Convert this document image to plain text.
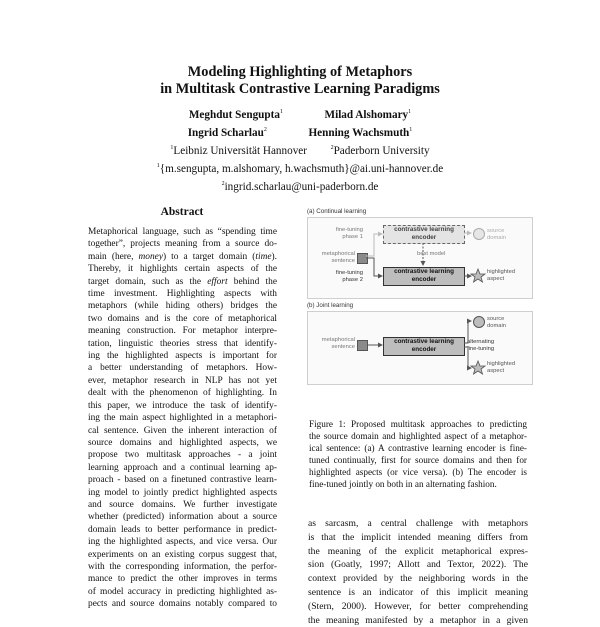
Modeling Highlighting of Metaphors
in Multitask Contrastive Learning Paradigms
Meghdut Sengupta$^1$	Milad Alshomary$^1$
Ingrid Scharlau$^2$	Henning Wachsmuth$^1$
$^1$Leibniz Universität Hannover	$^2$Paderborn University
$^1${m.sengupta, m.alshomary, h.wachsmuth}@ai.uni-hannover.de
$^2$ingrid.scharlau@uni-paderborn.de
Abstract
Metaphorical language, such as “spending time
together”, projects meaning from a source do-
main (here, money) to a target domain (time).
Thereby, it highlights certain aspects of the
target domain, such as the effort behind the
time investment. Highlighting aspects with
metaphors (while hiding others) bridges the
two domains and is the core of metaphorical
meaning construction. For metaphor interpre-
tation, linguistic theories stress that identify-
ing the highlighted aspects is important for
a better understanding of metaphors. How-
ever, metaphor research in NLP has not yet
dealt with the phenomenon of highlighting. In
this paper, we introduce the task of identify-
ing the main aspect highlighted in a metaphori-
cal sentence. Given the inherent interaction of
source domains and highlighted aspects, we
propose two multitask approaches - a joint
learning approach and a continual learning ap-
proach - based on a finetuned contrastive learn-
ing model to jointly predict highlighted aspects
and source domains. We further investigate
whether (predicted) information about a source
domain leads to better performance in predict-
ing the highlighted aspects, and vice versa. Our
experiments on an existing corpus suggest that,
with the corresponding information, the perfor-
mance to predict the other improves in terms
of model accuracy in predicting highlighted as-
pects and source domains notably compared to
(a) Continual learning
fine-tuning
phase 1
contrastive learning
encoder
source
domain
best model
metaphorical
sentence
fine-tuning
phase 2
contrastive learning
encoder
highlighted
aspect
(b) Joint learning
metaphorical
sentence
contrastive learning
encoder
source
domain
alternating
fine-tuning
highlighted
aspect
Figure 1: Proposed multitask approaches to predicting
the source domain and highlighted aspect of a metaphor-
ical sentence: (a) A contrastive learning encoder is fine-
tuned continually, first for source domains and then for
highlighted aspects (or vice versa). (b) The encoder is
fine-tuned jointly on both in an alternating fashion.
as sarcasm, a central challenge with metaphors
is that the implicit intended meaning differs from
the meaning of the explicit metaphorical expres-
sion (Goatly, 1997; Allott and Textor, 2022). The
context provided by the neighboring words in the
sentence is an indicator of this implicit meaning
(Stern, 2000). However, for better comprehending
the meaning manifested by a metaphor in a given
